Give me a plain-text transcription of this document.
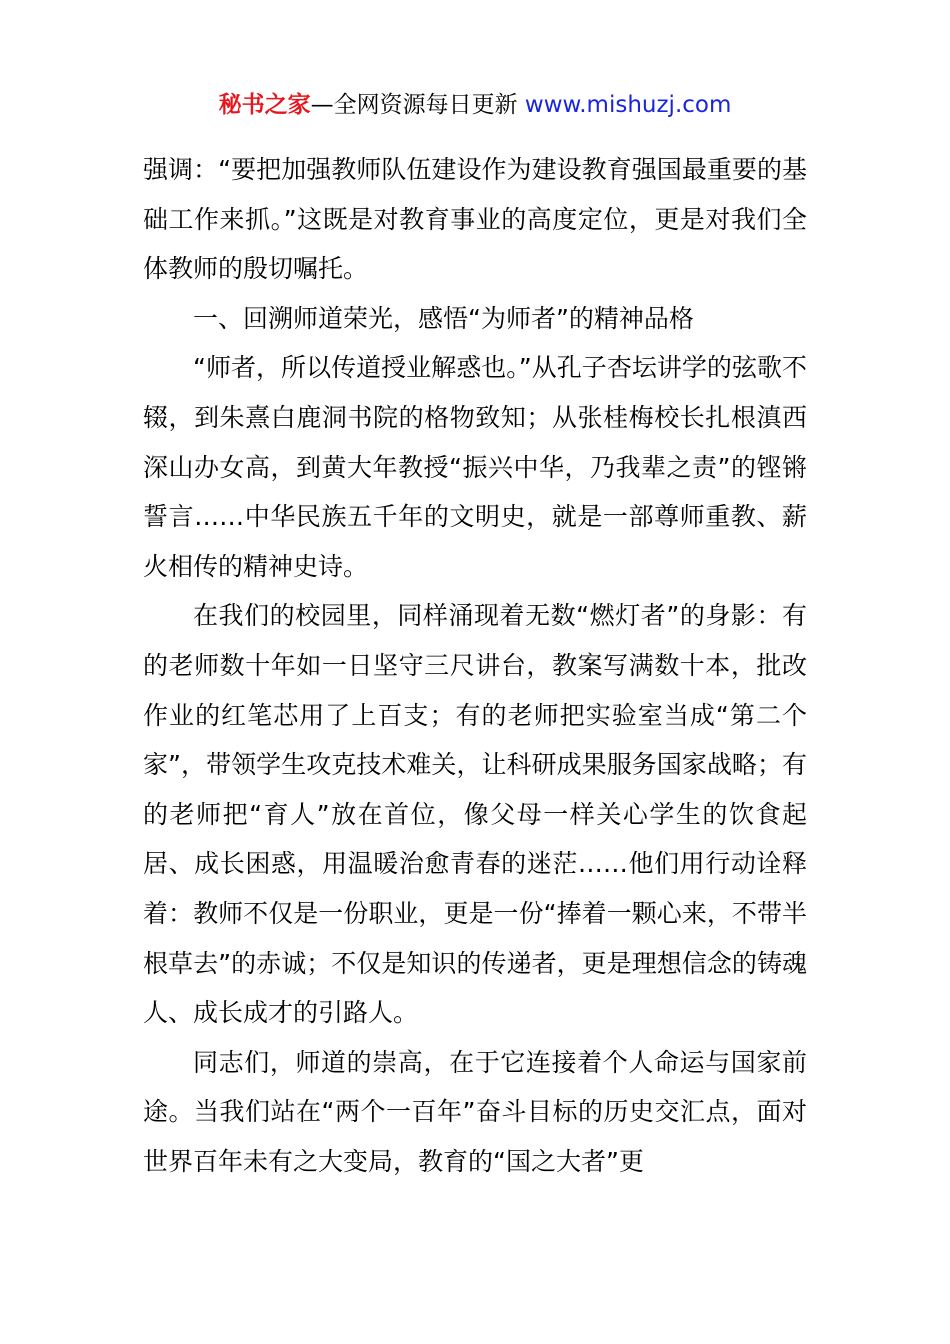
秘书之家—全网资源每日更新 www.mishuzj.com

强调：“要把加强教师队伍建设作为建设教育强国最重要的基础工作来抓。”这既是对教育事业的高度定位，更是对我们全体教师的殷切嘱托。

一、回溯师道荣光，感悟“为师者”的精神品格

“师者，所以传道授业解惑也。”从孔子杏坛讲学的弦歌不辍，到朱熹白鹿洞书院的格物致知；从张桂梅校长扎根滇西深山办女高，到黄大年教授“振兴中华，乃我辈之责”的铿锵誓言……中华民族五千年的文明史，就是一部尊师重教、薪火相传的精神史诗。

在我们的校园里，同样涌现着无数“燃灯者”的身影：有的老师数十年如一日坚守三尺讲台，教案写满数十本，批改作业的红笔芯用了上百支；有的老师把实验室当成“第二个家”，带领学生攻克技术难关，让科研成果服务国家战略；有的老师把“育人”放在首位，像父母一样关心学生的饮食起居、成长困惑，用温暖治愈青春的迷茫……他们用行动诠释着：教师不仅是一份职业，更是一份“捧着一颗心来，不带半根草去”的赤诚；不仅是知识的传递者，更是理想信念的铸魂人、成长成才的引路人。

同志们，师道的崇高，在于它连接着个人命运与国家前途。当我们站在“两个一百年”奋斗目标的历史交汇点，面对世界百年未有之大变局，教育的“国之大者”更
